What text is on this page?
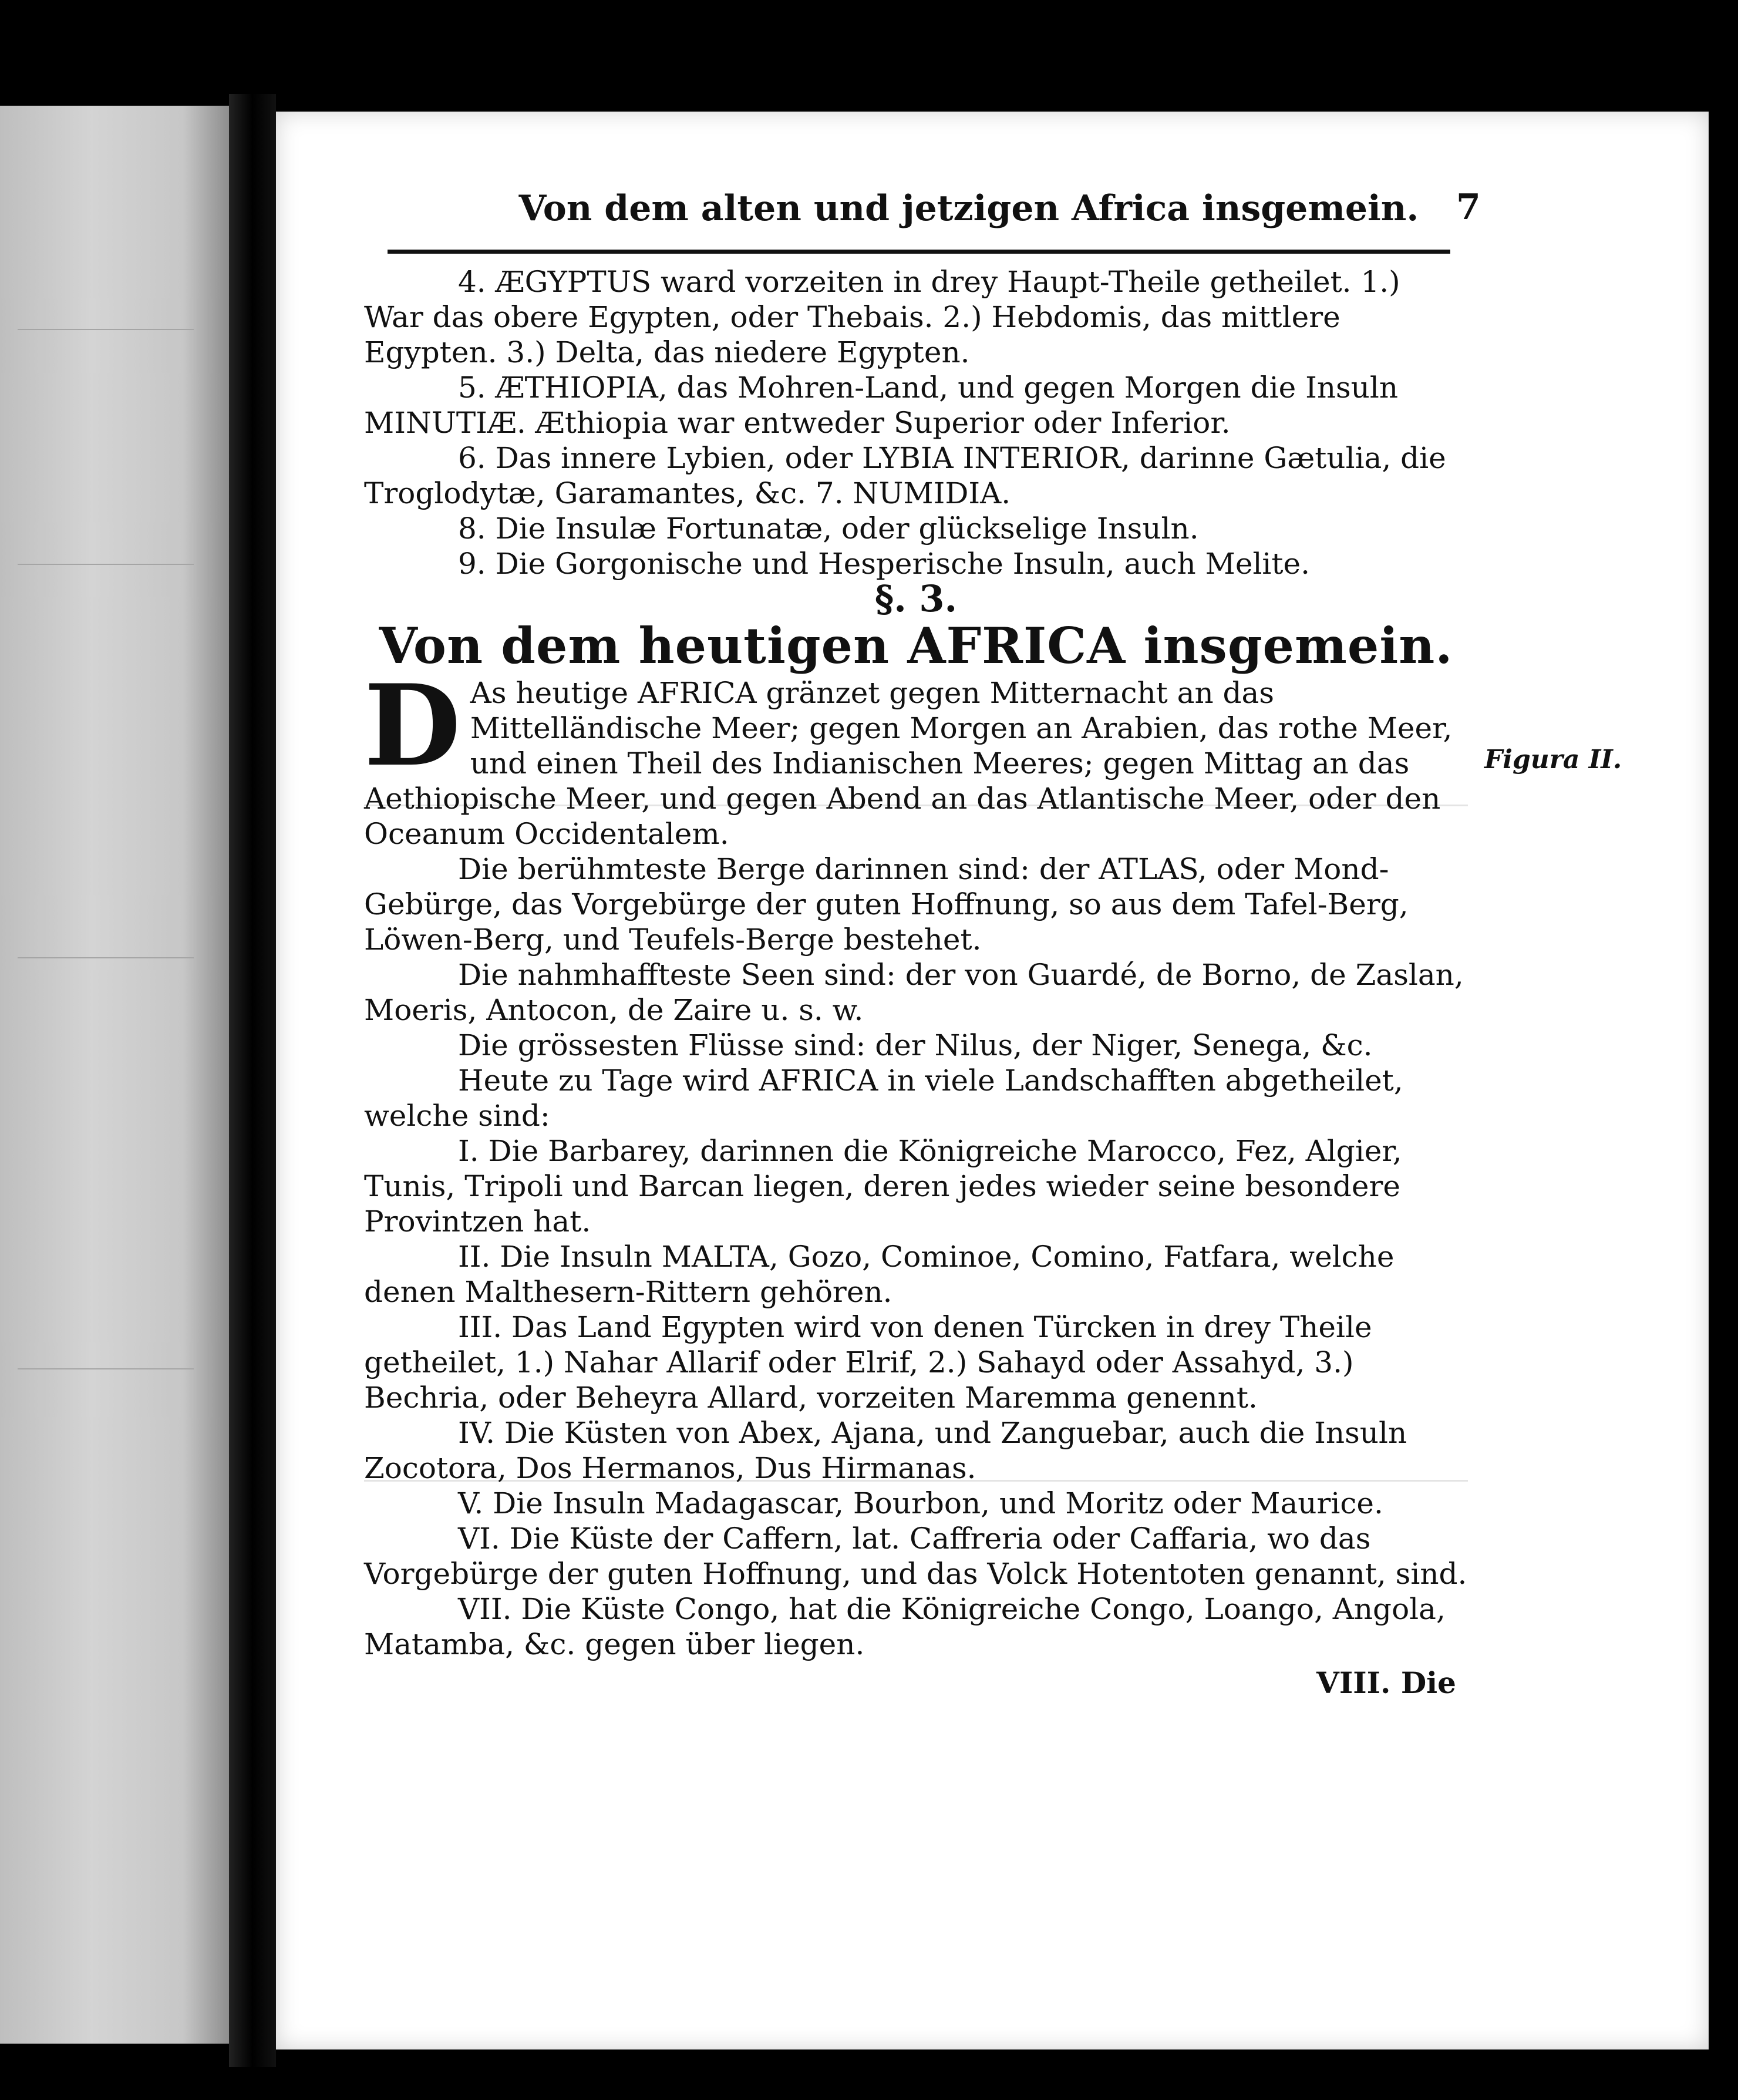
Von dem alten und jetzigen Africa insgemein.	7

4. ÆGYPTUS ward vorzeiten in drey Haupt-Theile getheilet. 1.) War das obere Egypten, oder Thebais. 2.) Hebdomis, das mittlere Egypten. 3.) Delta, das niedere Egypten.

5. ÆTHIOPIA, das Mohren-Land, und gegen Morgen die Insuln MINUTIÆ. Æthiopia war entweder Superior oder Inferior.

6. Das innere Lybien, oder LYBIA INTERIOR, darinne Gætulia, die Troglodytæ, Garamantes, &c. 7. NUMIDIA.

8. Die Insulæ Fortunatæ, oder glückselige Insuln.

9. Die Gorgonische und Hesperische Insuln, auch Melite.

§. 3.

Von dem heutigen AFRICA insgemein.

D As heutige AFRICA gränzet gegen Mitternacht an das Mittelländische Meer; gegen Morgen an Arabien, das rothe Meer, und einen Theil des Indianischen Meeres; gegen Mittag an das Aethiopische Meer, und gegen Abend an das Atlantische Meer, oder den Oceanum Occidentalem.

Die berühmteste Berge darinnen sind: der ATLAS, oder Mond-Gebürge, das Vorgebürge der guten Hoffnung, so aus dem Tafel-Berg, Löwen-Berg, und Teufels-Berge bestehet.

Die nahmhaffteste Seen sind: der von Guardé, de Borno, de Zaslan, Moeris, Antocon, de Zaire u. s. w.

Die grössesten Flüsse sind: der Nilus, der Niger, Senega, &c.

Heute zu Tage wird AFRICA in viele Landschafften abgetheilet, welche sind:

I. Die Barbarey, darinnen die Königreiche Marocco, Fez, Algier, Tunis, Tripoli und Barcan liegen, deren jedes wieder seine besondere Provintzen hat.

II. Die Insuln MALTA, Gozo, Cominoe, Comino, Fatfara, welche denen Malthesern-Rittern gehören.

III. Das Land Egypten wird von denen Türcken in drey Theile getheilet, 1.) Nahar Allarif oder Elrif, 2.) Sahayd oder Assahyd, 3.) Bechria, oder Beheyra Allard, vorzeiten Maremma genennt.

IV. Die Küsten von Abex, Ajana, und Zanguebar, auch die Insuln Zocotora, Dos Hermanos, Dus Hirmanas.

V. Die Insuln Madagascar, Bourbon, und Moritz oder Maurice.

VI. Die Küste der Caffern, lat. Caffreria oder Caffaria, wo das Vorgebürge der guten Hoffnung, und das Volck Hotentoten genannt, sind.

VII. Die Küste Congo, hat die Königreiche Congo, Loango, Angola, Matamba, &c. gegen über liegen.

VIII. Die

Figura II.
